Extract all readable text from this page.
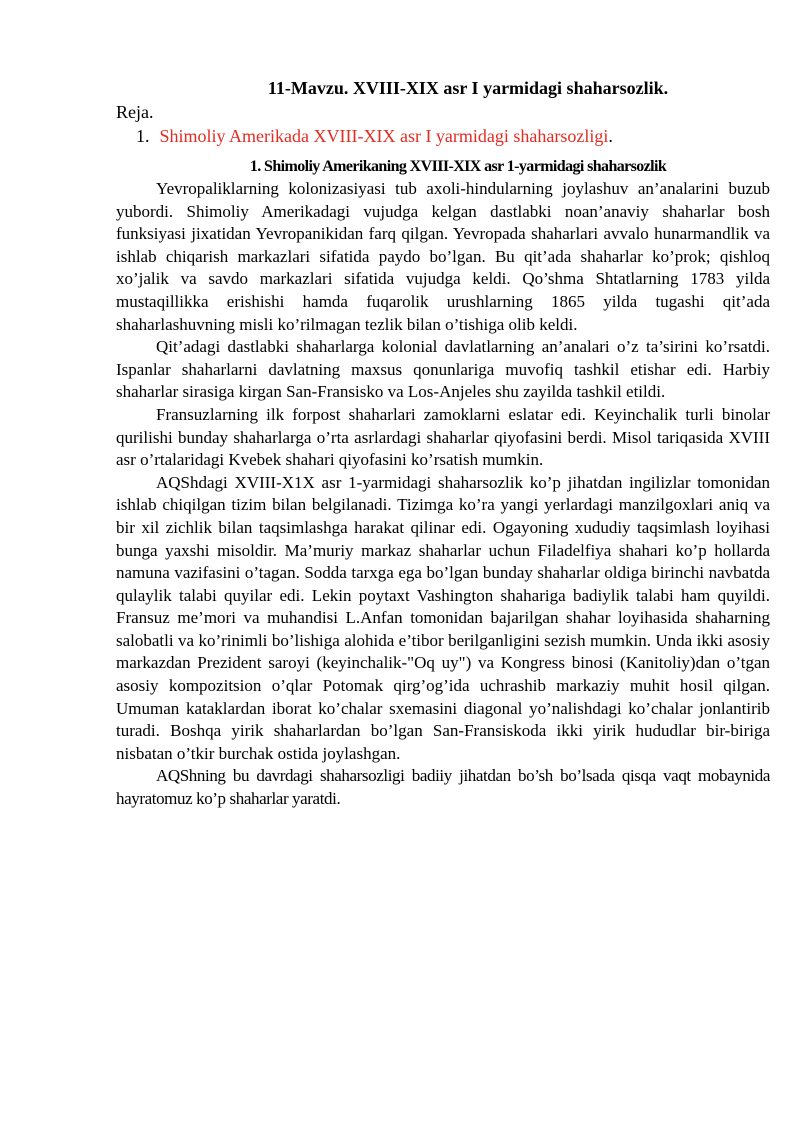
11-Mavzu. XVIII-XIX asr I yarmidagi shaharsozlik.

Reja.

1. Shimoliy Amerikada XVIII-XIX asr I yarmidagi shaharsozligi.
1. Shimoliy Amerikaning XVIII-XIX asr 1-yarmidagi shaharsozlik

Yevropaliklarning kolonizasiyasi tub axoli-hindularning joylashuv an’analarini buzub yubordi. Shimoliy Amerikadagi vujudga kelgan dastlabki noan’anaviy shaharlar bosh funksiyasi jixatidan Yevropanikidan farq qilgan. Yevropada shaharlari avvalo hunarmandlik va ishlab chiqarish markazlari sifatida paydo bo’lgan. Bu qit’ada shaharlar ko’prok; qishloq xo’jalik va savdo markazlari sifatida vujudga keldi. Qo’shma Shtatlarning 1783 yilda mustaqillikka erishishi hamda fuqarolik urushlarning 1865 yilda tugashi qit’ada shaharlashuvning misli ko’rilmagan tezlik bilan o’tishiga olib keldi.

Qit’adagi dastlabki shaharlarga kolonial davlatlarning an’analari o’z ta’sirini ko’rsatdi. Ispanlar shaharlarni davlatning maxsus qonunlariga muvofiq tashkil etishar edi. Harbiy shaharlar sirasiga kirgan San-Fransisko va Los-Anjeles shu zayilda tashkil etildi.

Fransuzlarning ilk forpost shaharlari zamoklarni eslatar edi. Keyinchalik turli binolar qurilishi bunday shaharlarga o’rta asrlardagi shaharlar qiyofasini berdi. Misol tariqasida XVIII asr o’rtalaridagi Kvebek shahari qiyofasini ko’rsatish mumkin.

AQShdagi XVIII-X1X asr 1-yarmidagi shaharsozlik ko’p jihatdan ingilizlar tomonidan ishlab chiqilgan tizim bilan belgilanadi. Tizimga ko’ra yangi yerlardagi manzilgoxlari aniq va bir xil zichlik bilan taqsimlashga harakat qilinar edi. Ogayoning xududiy taqsimlash loyihasi bunga yaxshi misoldir. Ma’muriy markaz shaharlar uchun Filadelfiya shahari ko’p hollarda namuna vazifasini o’tagan. Sodda tarxga ega bo’lgan bunday shaharlar oldiga birinchi navbatda qulaylik talabi quyilar edi. Lekin poytaxt Vashington shahariga badiylik talabi ham quyildi. Fransuz me’mori va muhandisi L.Anfan tomonidan bajarilgan shahar loyihasida shaharning salobatli va ko’rinimli bo’lishiga alohida e’tibor berilganligini sezish mumkin. Unda ikki asosiy markazdan Prezident saroyi (keyinchalik-"Oq uy") va Kongress binosi (Kanitoliy)dan o’tgan asosiy kompozitsion o’qlar Potomak qirg’og’ida uchrashib markaziy muhit hosil qilgan. Umuman kataklardan iborat ko’chalar sxemasini diagonal yo’nalishdagi ko’chalar jonlantirib turadi. Boshqa yirik shaharlardan bo’lgan San-Fransiskoda ikki yirik hududlar bir-biriga nisbatan o’tkir burchak ostida joylashgan.

AQShning bu davrdagi shaharsozligi badiiy jihatdan bo’sh bo’lsada qisqa vaqt mobaynida hayratomuz ko’p shaharlar yaratdi.
